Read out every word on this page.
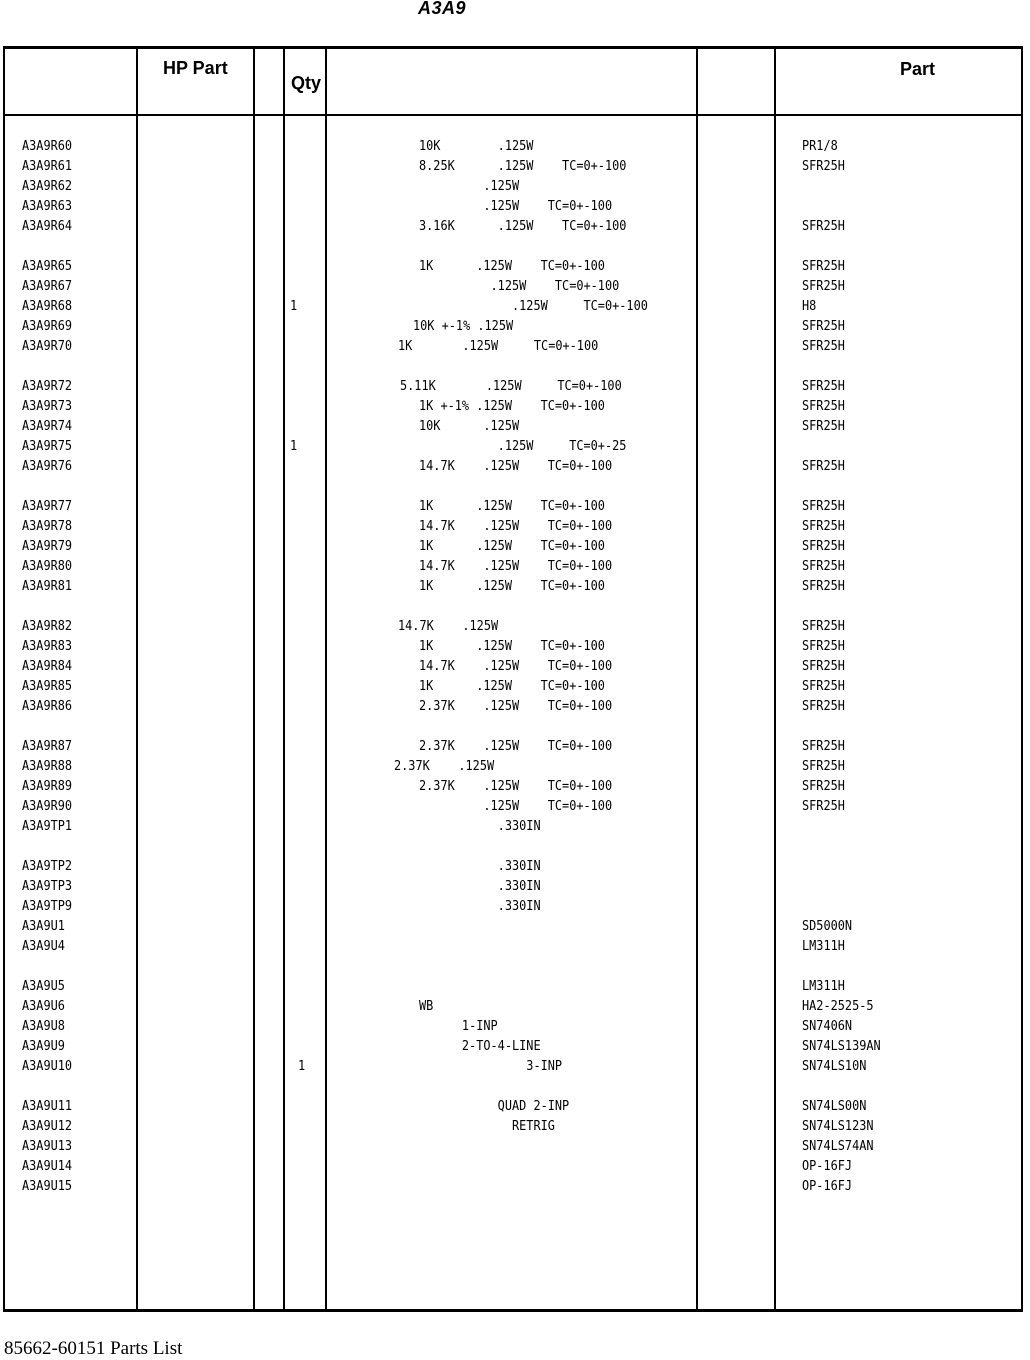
A3A9
HP Part
Qty
Part
A3A9R60	10K        .125W	PR1/8
A3A9R61	8.25K      .125W    TC=0+-100	SFR25H
A3A9R62	.125W
A3A9R63	.125W    TC=0+-100
A3A9R64	3.16K      .125W    TC=0+-100	SFR25H
A3A9R65	1K      .125W    TC=0+-100	SFR25H
A3A9R67	.125W    TC=0+-100	SFR25H
A3A9R68	1	.125W     TC=0+-100	H8
A3A9R69	10K +-1% .125W	SFR25H
A3A9R70	1K       .125W     TC=0+-100	SFR25H
A3A9R72	5.11K       .125W     TC=0+-100	SFR25H
A3A9R73	1K +-1% .125W    TC=0+-100	SFR25H
A3A9R74	10K      .125W	SFR25H
A3A9R75	1	.125W     TC=0+-25
A3A9R76	14.7K    .125W    TC=0+-100	SFR25H
A3A9R77	1K      .125W    TC=0+-100	SFR25H
A3A9R78	14.7K    .125W    TC=0+-100	SFR25H
A3A9R79	1K      .125W    TC=0+-100	SFR25H
A3A9R80	14.7K    .125W    TC=0+-100	SFR25H
A3A9R81	1K      .125W    TC=0+-100	SFR25H
A3A9R82	14.7K    .125W	SFR25H
A3A9R83	1K      .125W    TC=0+-100	SFR25H
A3A9R84	14.7K    .125W    TC=0+-100	SFR25H
A3A9R85	1K      .125W    TC=0+-100	SFR25H
A3A9R86	2.37K    .125W    TC=0+-100	SFR25H
A3A9R87	2.37K    .125W    TC=0+-100	SFR25H
A3A9R88	2.37K    .125W	SFR25H
A3A9R89	2.37K    .125W    TC=0+-100	SFR25H
A3A9R90	.125W    TC=0+-100	SFR25H
A3A9TP1	.330IN
A3A9TP2	.330IN
A3A9TP3	.330IN
A3A9TP9	.330IN
A3A9U1	SD5000N
A3A9U4	LM311H
A3A9U5	LM311H
A3A9U6	WB	HA2-2525-5
A3A9U8	1-INP	SN7406N
A3A9U9	2-TO-4-LINE	SN74LS139AN
A3A9U10	1	3-INP	SN74LS10N
A3A9U11	QUAD 2-INP	SN74LS00N
A3A9U12	RETRIG	SN74LS123N
A3A9U13	SN74LS74AN
A3A9U14	OP-16FJ
A3A9U15	OP-16FJ
85662-60151 Parts List
